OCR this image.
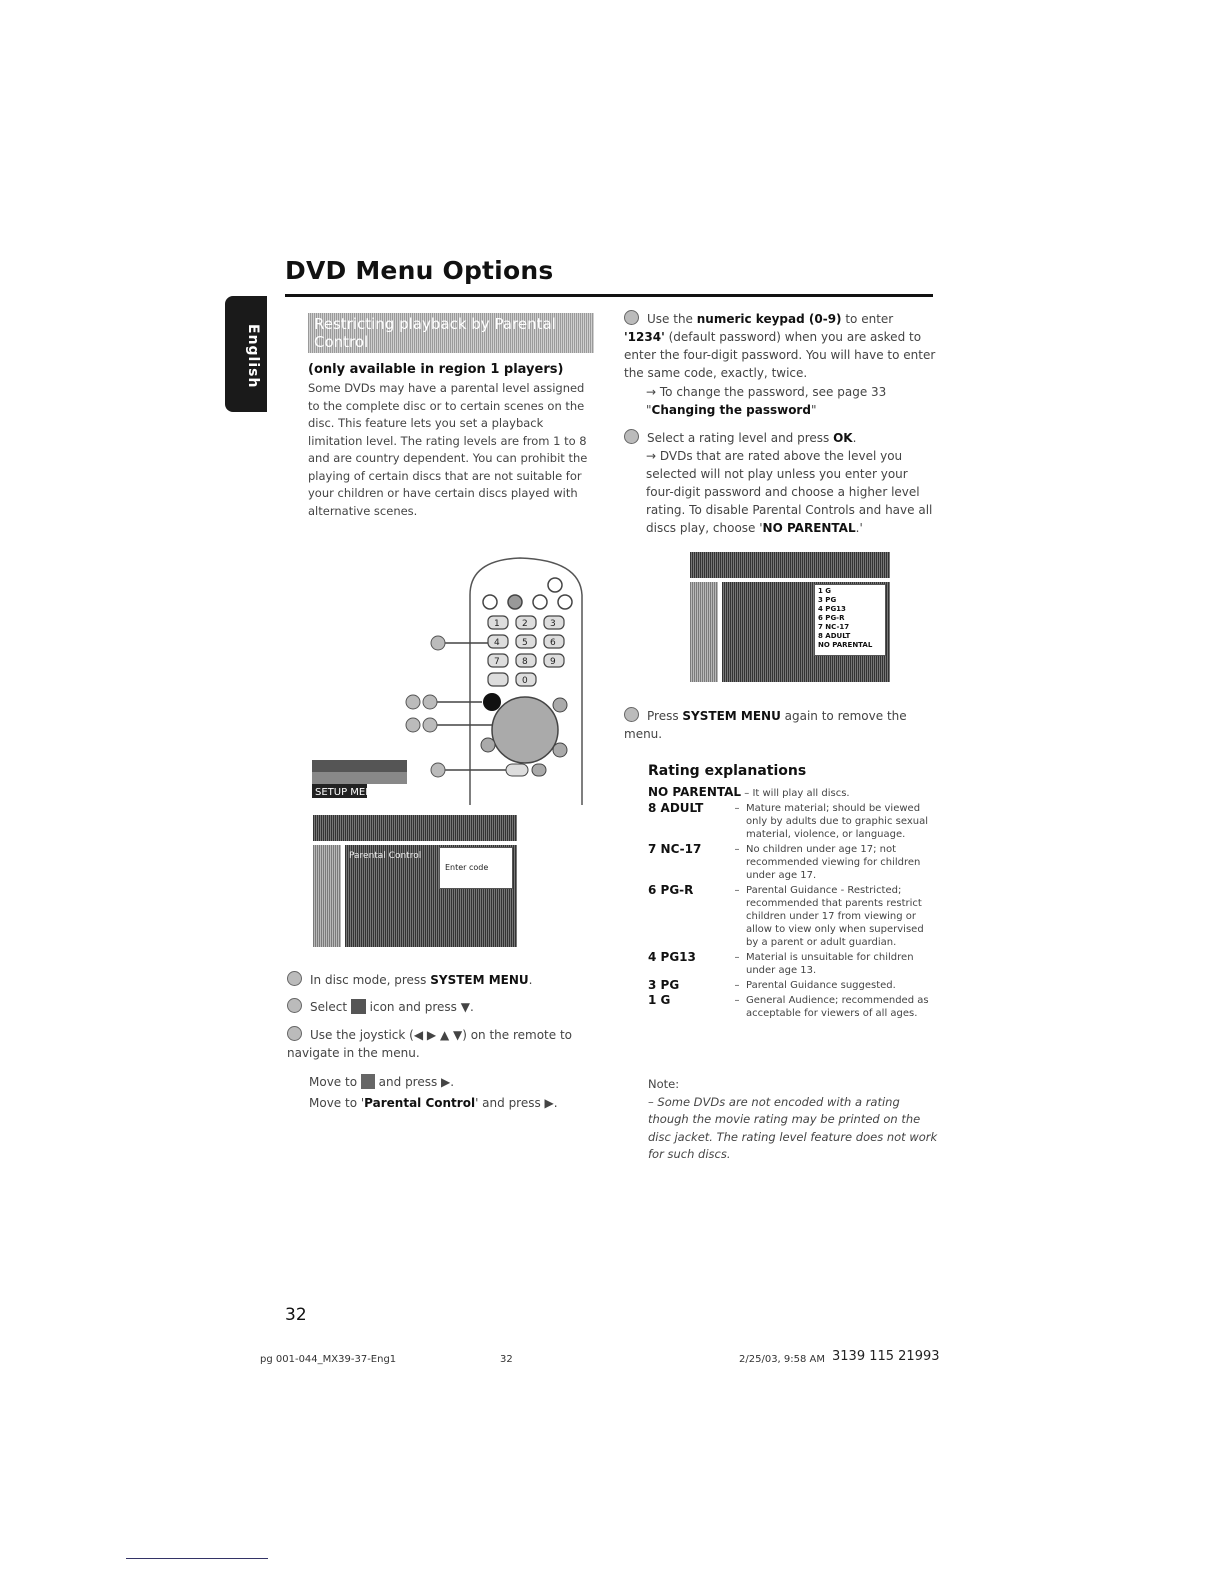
DVD Menu Options
English	Restricting playback by Parental Control
(only available in region 1 players)
Some DVDs may have a parental level assigned to the complete disc or to certain scenes on the disc. This feature lets you set a playback limitation level. The rating levels are from 1 to 8 and are country dependent. You can prohibit the playing of certain discs that are not suitable for your children or have certain discs played with alternative scenes.
1 2 3
4 5 6
7 8 9
0
SETUP MENU
Parental Control
Enter code
In disc mode, press SYSTEM MENU.
Select  icon and press ▼.
Use the joystick (◀ ▶ ▲ ▼) on the remote to navigate in the menu.
Move to  and press ▶.
Move to 'Parental Control' and press ▶.
Use the numeric keypad (0-9) to enter '1234' (default password) when you are asked to enter the four-digit password. You will have to enter the same code, exactly, twice.
→ To change the password, see page 33 "Changing the password"
Select a rating level and press OK.
→ DVDs that are rated above the level you selected will not play unless you enter your four-digit password and choose a higher level rating. To disable Parental Controls and have all discs play, choose 'NO PARENTAL.'
1 G
3 PG
4 PG13
6 PG-R
7 NC-17
8 ADULT
NO PARENTAL
Press SYSTEM MENU again to remove the menu.
Rating explanations
NO PARENTAL – It will play all discs.		
8 ADULT	–	Mature material; should be viewed only by adults due to graphic sexual material, violence, or language.
7 NC-17	–	No children under age 17; not recommended viewing for children under age 17.
6 PG-R	–	Parental Guidance - Restricted; recommended that parents restrict children under 17 from viewing or allow to view only when supervised by a parent or adult guardian.
4 PG13	–	Material is unsuitable for children under age 13.
3 PG	–	Parental Guidance suggested.
1 G	–	General Audience; recommended as acceptable for viewers of all ages.
Note:
– Some DVDs are not encoded with a rating though the movie rating may be printed on the disc jacket. The rating level feature does not work for such discs.
32
pg 001-044_MX39-37-Eng1	32	2/25/03, 9:58 AM 3139 115 21993
